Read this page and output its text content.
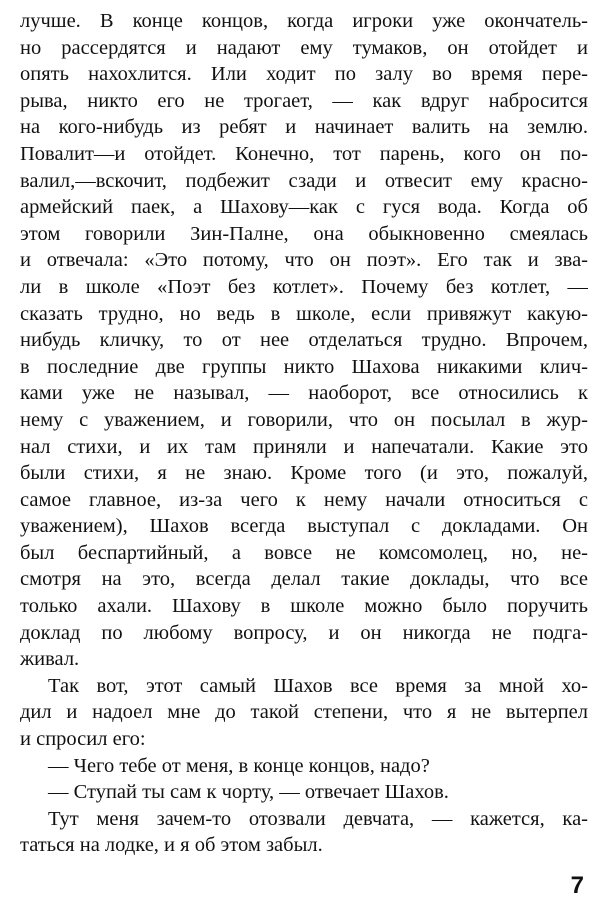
лучше. В конце концов, когда игроки уже окончатель-
но рассердятся и надают ему тумаков, он отойдет и
опять нахохлится. Или ходит по залу во время пере-
рыва, никто его не трогает, — как вдруг набросится
на кого-нибудь из ребят и начинает валить на землю.
Повалит—и отойдет. Конечно, тот парень, кого он по-
валил,—вскочит, подбежит сзади и отвесит ему красно-
армейский паек, а Шахову—как с гуся вода. Когда об
этом говорили Зин-Палне, она обыкновенно смеялась
и отвечала: «Это потому, что он поэт». Его так и зва-
ли в школе «Поэт без котлет». Почему без котлет, —
сказать трудно, но ведь в школе, если привяжут какую-
нибудь кличку, то от нее отделаться трудно. Впрочем,
в последние две группы никто Шахова никакими клич-
ками уже не называл, — наоборот, все относились к
нему с уважением, и говорили, что он посылал в жур-
нал стихи, и их там приняли и напечатали. Какие это
были стихи, я не знаю. Кроме того (и это, пожалуй,
самое главное, из-за чего к нему начали относиться с
уважением), Шахов всегда выступал с докладами. Он
был беспартийный, а вовсе не комсомолец, но, не-
смотря на это, всегда делал такие доклады, что все
только ахали. Шахову в школе можно было поручить
доклад по любому вопросу, и он никогда не подга-
живал.
Так вот, этот самый Шахов все время за мной хо-
дил и надоел мне до такой степени, что я не вытерпел
и спросил его:
— Чего тебе от меня, в конце концов, надо?
— Ступай ты сам к чорту, — отвечает Шахов.
Тут меня зачем-то отозвали девчата, — кажется, ка-
таться на лодке, и я об этом забыл.
7
